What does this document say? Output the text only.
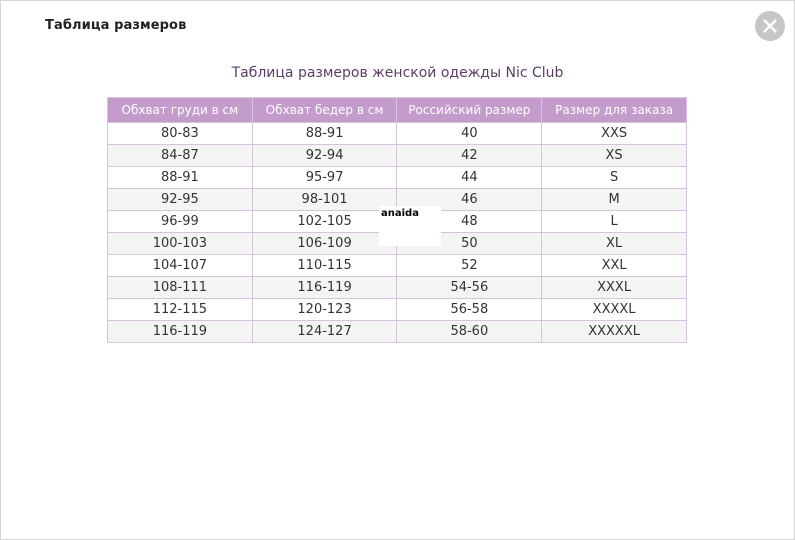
Таблица размеров
Таблица размеров женской одежды Nic Club
Обхват груди в см	Обхват бедер в см	Российский размер	Размер для заказа
80-83	88-91	40	XXS
84-87	92-94	42	XS
88-91	95-97	44	S
92-95	98-101	46	M
96-99	102-105	48	L
100-103	106-109	50	XL
104-107	110-115	52	XXL
108-111	116-119	54-56	XXXL
112-115	120-123	56-58	XXXXL
116-119	124-127	58-60	XXXXXL
anaida
